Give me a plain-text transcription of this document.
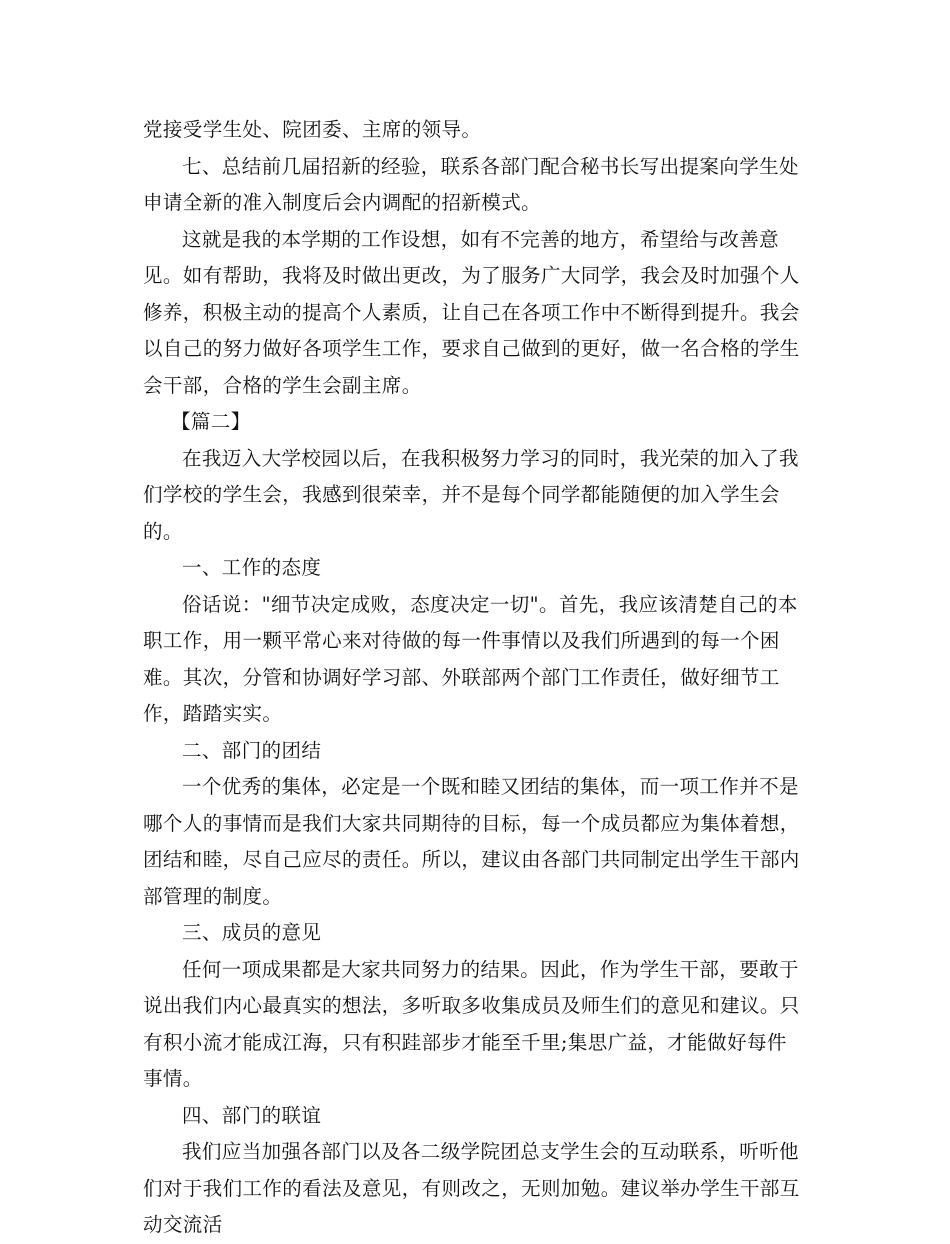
党接受学生处、院团委、主席的领导。

七、总结前几届招新的经验，联系各部门配合秘书长写出提案向学生处申请全新的准入制度后会内调配的招新模式。

这就是我的本学期的工作设想，如有不完善的地方，希望给与改善意见。如有帮助，我将及时做出更改，为了服务广大同学，我会及时加强个人修养，积极主动的提高个人素质，让自己在各项工作中不断得到提升。我会以自己的努力做好各项学生工作，要求自己做到的更好，做一名合格的学生会干部，合格的学生会副主席。

【篇二】

在我迈入大学校园以后，在我积极努力学习的同时，我光荣的加入了我们学校的学生会，我感到很荣幸，并不是每个同学都能随便的加入学生会的。

一、工作的态度

俗话说："细节决定成败，态度决定一切"。首先，我应该清楚自己的本职工作，用一颗平常心来对待做的每一件事情以及我们所遇到的每一个困难。其次，分管和协调好学习部、外联部两个部门工作责任，做好细节工作，踏踏实实。

二、部门的团结

一个优秀的集体，必定是一个既和睦又团结的集体，而一项工作并不是哪个人的事情而是我们大家共同期待的目标，每一个成员都应为集体着想，团结和睦，尽自己应尽的责任。所以，建议由各部门共同制定出学生干部内部管理的制度。

三、成员的意见

任何一项成果都是大家共同努力的结果。因此，作为学生干部，要敢于说出我们内心最真实的想法，多听取多收集成员及师生们的意见和建议。只有积小流才能成江海，只有积跬部步才能至千里;集思广益，才能做好每件事情。

四、部门的联谊

我们应当加强各部门以及各二级学院团总支学生会的互动联系，听听他们对于我们工作的看法及意见，有则改之，无则加勉。建议举办学生干部互动交流活
